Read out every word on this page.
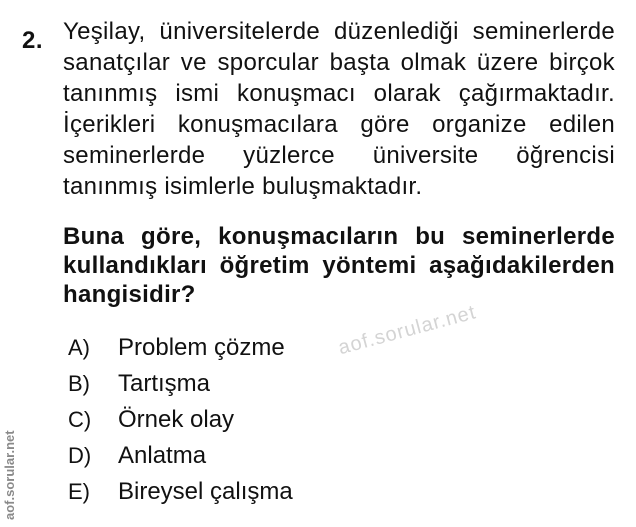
2. Yeşilay, üniversitelerde düzenlediği seminerlerde sanatçılar ve sporcular başta olmak üzere birçok tanınmış ismi konuşmacı olarak çağırmaktadır. İçerikleri konuşmacılara göre organize edilen seminerlerde yüzlerce üniversite öğrencisi tanınmış isimlerle buluşmaktadır.
Buna göre, konuşmacıların bu seminerlerde kullandıkları öğretim yöntemi aşağıdakilerden hangisidir?
A) Problem çözme
B) Tartışma
C) Örnek olay
D) Anlatma
E) Bireysel çalışma
aof.sorular.net
aof.sorular.net
